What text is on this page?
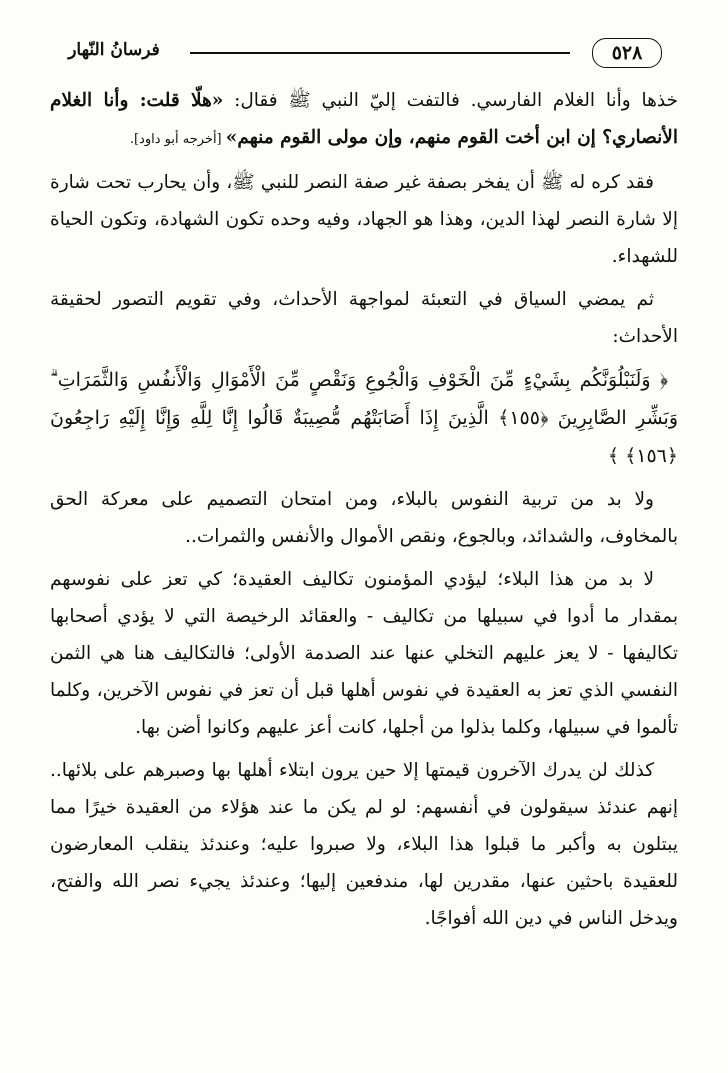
فرسانُ النّهار	٥٢٨

خذها وأنا الغلام الفارسي. فالتفت إليّ النبي ﷺ فقال: «هلّا قلت: وأنا الغلام الأنصاري؟ إن ابن أخت القوم منهم، وإن مولى القوم منهم» [أخرجه أبو داود].

فقد كره له ﷺ أن يفخر بصفة غير صفة النصر للنبي ﷺ، وأن يحارب تحت شارة إلا شارة النصر لهذا الدين، وهذا هو الجهاد، وفيه وحده تكون الشهادة، وتكون الحياة للشهداء.

ثم يمضي السياق في التعبئة لمواجهة الأحداث، وفي تقويم التصور لحقيقة الأحداث:

﴿ وَلَنَبْلُوَنَّكُم بِشَيْءٍ مِّنَ الْخَوْفِ وَالْجُوعِ وَنَقْصٍ مِّنَ الْأَمْوَالِ وَالْأَنفُسِ وَالثَّمَرَاتِ ۗ وَبَشِّرِ الصَّابِرِينَ ﴿١٥٥﴾ الَّذِينَ إِذَا أَصَابَتْهُم مُّصِيبَةٌ قَالُوا إِنَّا لِلَّهِ وَإِنَّا إِلَيْهِ رَاجِعُونَ ﴿١٥٦﴾ ﴾

ولا بد من تربية النفوس بالبلاء، ومن امتحان التصميم على معركة الحق بالمخاوف، والشدائد، وبالجوع، ونقص الأموال والأنفس والثمرات..

لا بد من هذا البلاء؛ ليؤدي المؤمنون تكاليف العقيدة؛ كي تعز على نفوسهم بمقدار ما أدوا في سبيلها من تكاليف - والعقائد الرخيصة التي لا يؤدي أصحابها تكاليفها - لا يعز عليهم التخلي عنها عند الصدمة الأولى؛ فالتكاليف هنا هي الثمن النفسي الذي تعز به العقيدة في نفوس أهلها قبل أن تعز في نفوس الآخرين، وكلما تألموا في سبيلها، وكلما بذلوا من أجلها، كانت أعز عليهم وكانوا أضن بها.

كذلك لن يدرك الآخرون قيمتها إلا حين يرون ابتلاء أهلها بها وصبرهم على بلائها.. إنهم عندئذ سيقولون في أنفسهم: لو لم يكن ما عند هؤلاء من العقيدة خيرًا مما يبتلون به وأكبر ما قبلوا هذا البلاء، ولا صبروا عليه؛ وعندئذ ينقلب المعارضون للعقيدة باحثين عنها، مقدرين لها، مندفعين إليها؛ وعندئذ يجيء نصر الله والفتح، ويدخل الناس في دين الله أفواجًا.
